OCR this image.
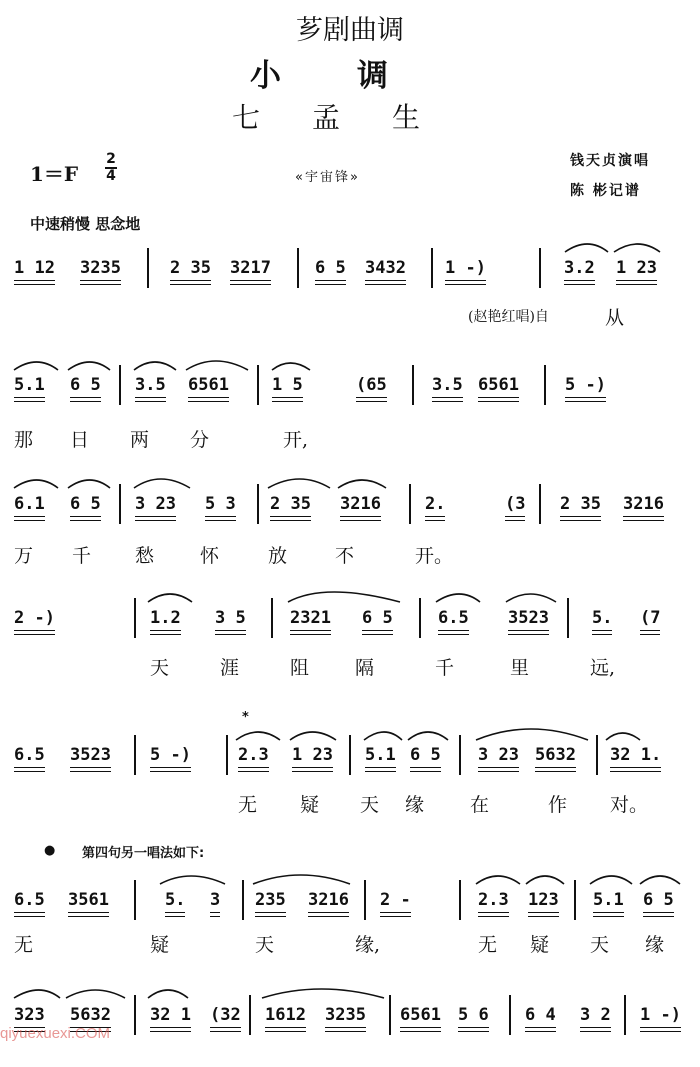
芗剧曲调
小调
七孟生
1＝F
2
4	«宇宙锋»
钱天贞演唱
陈 彬记谱
中速稍慢 思念地
1 12 3235	2 35 3217	6 5 3432 1 -)	3.2 1 23
(赵艳红唱)自	从
5.1 6 5 3.5 6561	1 5	(65	3.5 6561	5 -)
那 日 两 分	开,
6.1 6 5 3 23 5 3 2 35 3216	2.	(3 2 35 3216
万 千 愁 怀	放	不	开。
2 -)	1.2 3 5	2321 6 5	6.5 3523	5. (7
天	涯	阻 隔	千	里	远,
6.5 3523 5 -)	2.3 1 23 5.1 6 5 3 23 5632 32 1.
无 疑 天 缘 在	作 对。
6.5 3561	5. 3 235 3216 2 -	2.3 123 5.1 6 5
无	疑	天	缘,	无 疑 天 缘
323 5632 32 1 (32 1612 3235 6561 5 6 6 4 3 2 1 -)
● 第四句另一唱法如下:
*
qiyuexuexi.COM
